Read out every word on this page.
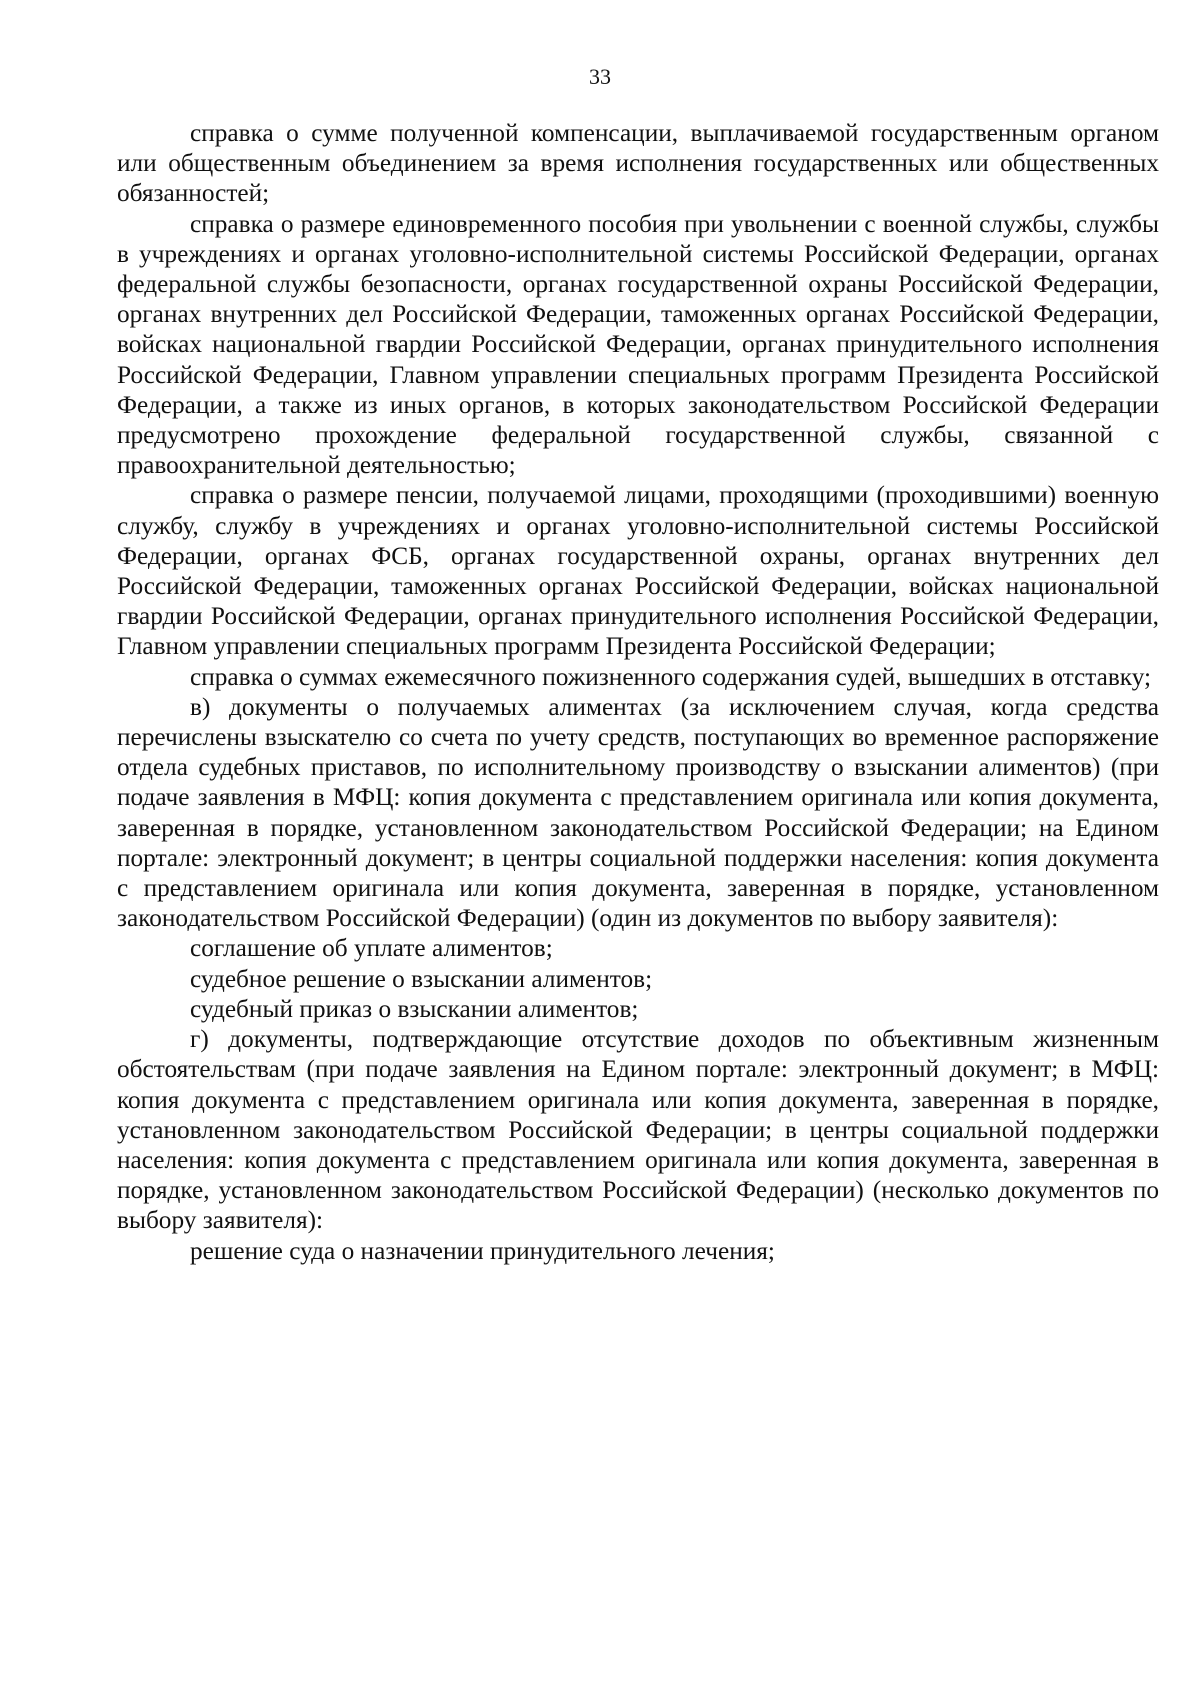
33

справка о сумме полученной компенсации, выплачиваемой государственным органом или общественным объединением за время исполнения государственных или общественных обязанностей;

справка о размере единовременного пособия при увольнении с военной службы, службы в учреждениях и органах уголовно-исполнительной системы Российской Федерации, органах федеральной службы безопасности, органах государственной охраны Российской Федерации, органах внутренних дел Российской Федерации, таможенных органах Российской Федерации, войсках национальной гвардии Российской Федерации, органах принудительного исполнения Российской Федерации, Главном управлении специальных программ Президента Российской Федерации, а также из иных органов, в которых законодательством Российской Федерации предусмотрено прохождение федеральной государственной службы, связанной с правоохранительной деятельностью;

справка о размере пенсии, получаемой лицами, проходящими (проходившими) военную службу, службу в учреждениях и органах уголовно-исполнительной системы Российской Федерации, органах ФСБ, органах государственной охраны, органах внутренних дел Российской Федерации, таможенных органах Российской Федерации, войсках национальной гвардии Российской Федерации, органах принудительного исполнения Российской Федерации, Главном управлении специальных программ Президента Российской Федерации;

справка о суммах ежемесячного пожизненного содержания судей, вышедших в отставку;

в) документы о получаемых алиментах (за исключением случая, когда средства перечислены взыскателю со счета по учету средств, поступающих во временное распоряжение отдела судебных приставов, по исполнительному производству о взыскании алиментов) (при подаче заявления в МФЦ: копия документа с представлением оригинала или копия документа, заверенная в порядке, установленном законодательством Российской Федерации; на Едином портале: электронный документ; в центры социальной поддержки населения: копия документа с представлением оригинала или копия документа, заверенная в порядке, установленном законодательством Российской Федерации) (один из документов по выбору заявителя):

соглашение об уплате алиментов;

судебное решение о взыскании алиментов;

судебный приказ о взыскании алиментов;

г) документы, подтверждающие отсутствие доходов по объективным жизненным обстоятельствам (при подаче заявления на Едином портале: электронный документ; в МФЦ: копия документа с представлением оригинала или копия документа, заверенная в порядке, установленном законодательством Российской Федерации; в центры социальной поддержки населения: копия документа с представлением оригинала или копия документа, заверенная в порядке, установленном законодательством Российской Федерации) (несколько документов по выбору заявителя):

решение суда о назначении принудительного лечения;
